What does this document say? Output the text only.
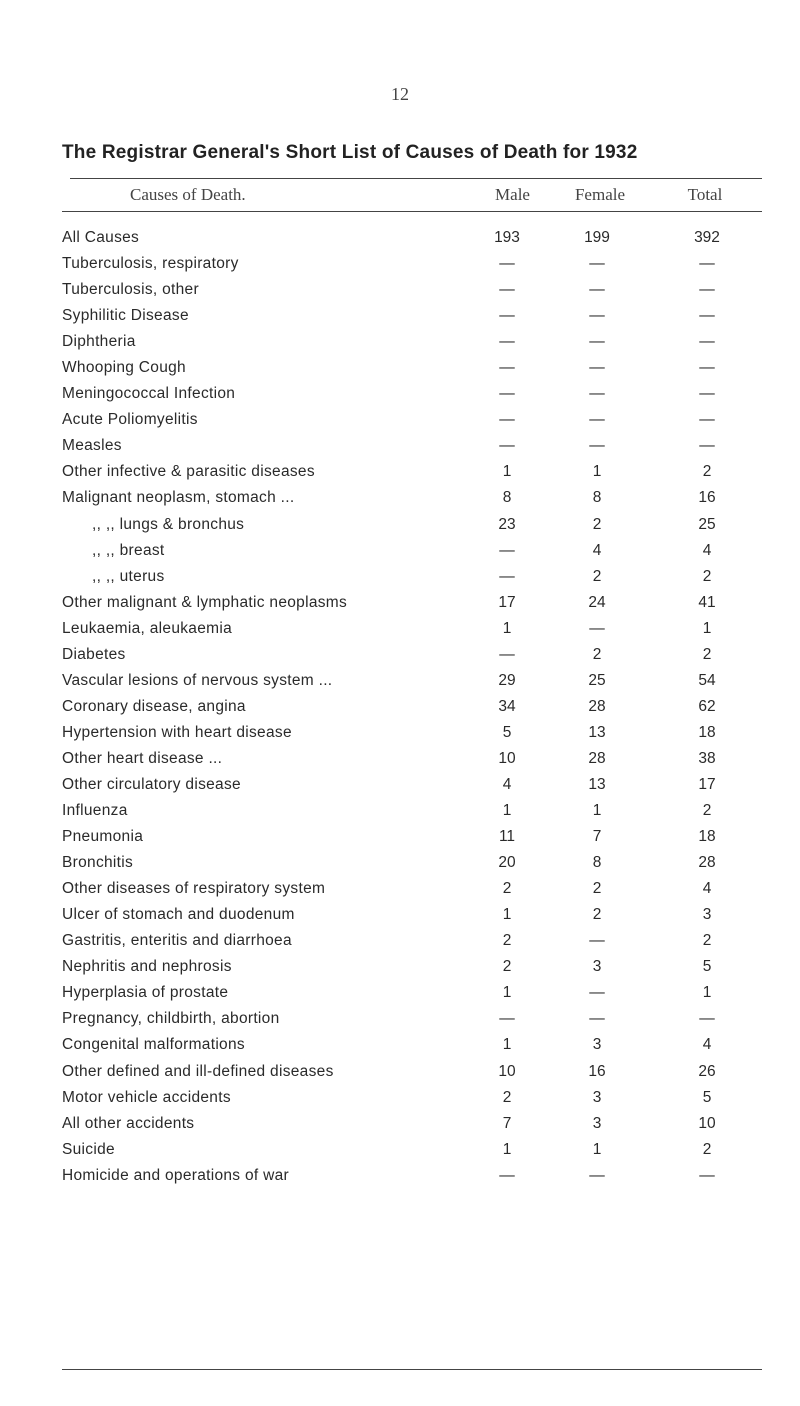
12
The Registrar General's Short List of Causes of Death for 1932
Causes of Death.	Male	Female	Total
All Causes	193	199	392
Tuberculosis, respiratory	—	—	—
Tuberculosis, other	—	—	—
Syphilitic Disease	—	—	—
Diphtheria	—	—	—
Whooping Cough	—	—	—
Meningococcal Infection	—	—	—
Acute Poliomyelitis	—	—	—
Measles	—	—	—
Other infective & parasitic diseases	1	1	2
Malignant neoplasm, stomach ...	8	8	16
,, ,, lungs & bronchus	23	2	25
,, ,, breast	—	4	4
,, ,, uterus	—	2	2
Other malignant & lymphatic neoplasms	17	24	41
Leukaemia, aleukaemia	1	—	1
Diabetes	—	2	2
Vascular lesions of nervous system ...	29	25	54
Coronary disease, angina	34	28	62
Hypertension with heart disease	5	13	18
Other heart disease ...	10	28	38
Other circulatory disease	4	13	17
Influenza	1	1	2
Pneumonia	11	7	18
Bronchitis	20	8	28
Other diseases of respiratory system	2	2	4
Ulcer of stomach and duodenum	1	2	3
Gastritis, enteritis and diarrhoea	2	—	2
Nephritis and nephrosis	2	3	5
Hyperplasia of prostate	1	—	1
Pregnancy, childbirth, abortion	—	—	—
Congenital malformations	1	3	4
Other defined and ill-defined diseases	10	16	26
Motor vehicle accidents	2	3	5
All other accidents	7	3	10
Suicide	1	1	2
Homicide and operations of war	—	—	—
